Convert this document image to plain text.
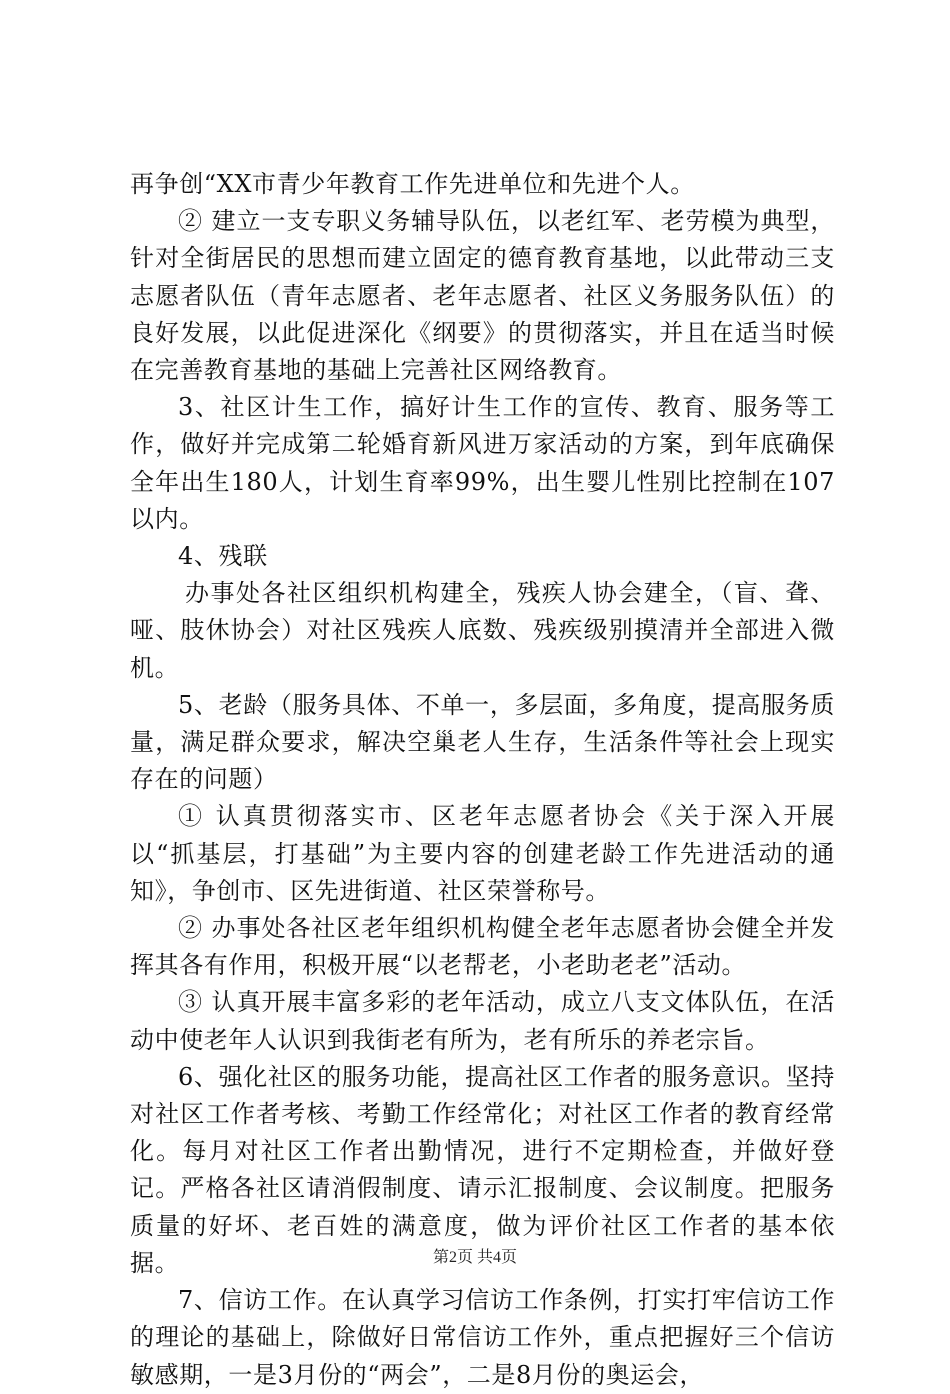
再争创“XX市青少年教育工作先进单位和先进个人。

② 建立一支专职义务辅导队伍，以老红军、老劳模为典型，针对全街居民的思想而建立固定的德育教育基地，以此带动三支志愿者队伍（青年志愿者、老年志愿者、社区义务服务队伍）的良好发展，以此促进深化《纲要》的贯彻落实，并且在适当时候在完善教育基地的基础上完善社区网络教育。

3、社区计生工作，搞好计生工作的宣传、教育、服务等工作，做好并完成第二轮婚育新风进万家活动的方案，到年底确保全年出生180人，计划生育率99%，出生婴儿性别比控制在107以内。

4、残联

办事处各社区组织机构建全，残疾人协会建全，（盲、聋、哑、肢休协会）对社区残疾人底数、残疾级别摸清并全部进入微机。

5、老龄（服务具体、不单一，多层面，多角度，提高服务质量，满足群众要求，解决空巢老人生存，生活条件等社会上现实存在的问题）

① 认真贯彻落实市、区老年志愿者协会《关于深入开展以“抓基层，打基础”为主要内容的创建老龄工作先进活动的通知》，争创市、区先进街道、社区荣誉称号。

② 办事处各社区老年组织机构健全老年志愿者协会健全并发挥其各有作用，积极开展“以老帮老，小老助老老”活动。

③ 认真开展丰富多彩的老年活动，成立八支文体队伍，在活动中使老年人认识到我街老有所为，老有所乐的养老宗旨。

6、强化社区的服务功能，提高社区工作者的服务意识。坚持对社区工作者考核、考勤工作经常化；对社区工作者的教育经常化。每月对社区工作者出勤情况，进行不定期检查，并做好登记。严格各社区请消假制度、请示汇报制度、会议制度。把服务质量的好坏、老百姓的满意度，做为评价社区工作者的基本依据。

7、信访工作。在认真学习信访工作条例，打实打牢信访工作的理论的基础上，除做好日常信访工作外，重点把握好三个信访敏感期，一是3月份的“两会”，二是8月份的奥运会，

第2页 共4页
